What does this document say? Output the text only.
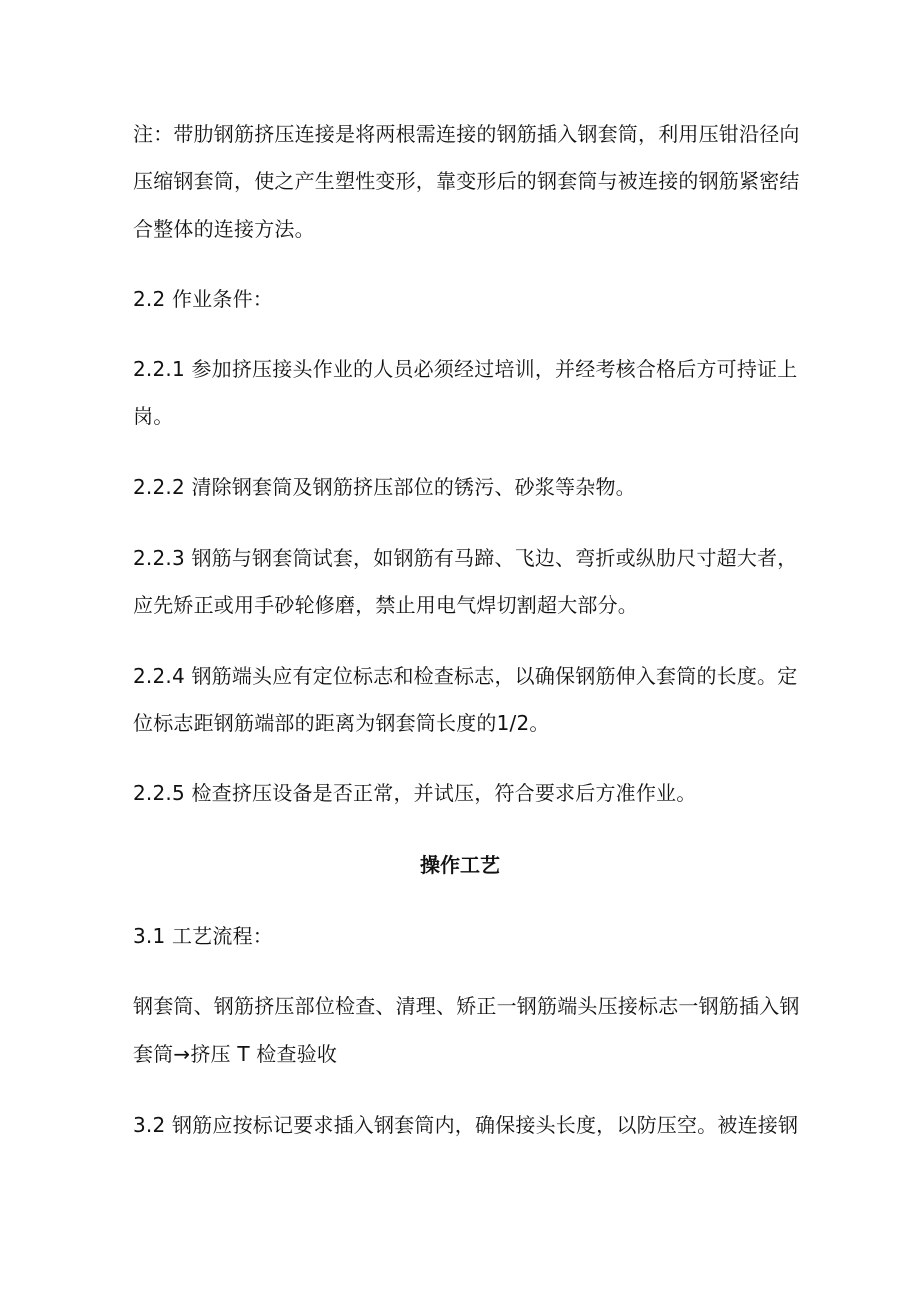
注：带肋钢筋挤压连接是将两根需连接的钢筋插入钢套筒，利用压钳沿径向
压缩钢套筒，使之产生塑性变形，靠变形后的钢套筒与被连接的钢筋紧密结
合整体的连接方法。
2.2 作业条件：
2.2.1 参加挤压接头作业的人员必须经过培训，并经考核合格后方可持证上
岗。
2.2.2 清除钢套筒及钢筋挤压部位的锈污、砂浆等杂物。
2.2.3 钢筋与钢套筒试套，如钢筋有马蹄、飞边、弯折或纵肋尺寸超大者，
应先矫正或用手砂轮修磨，禁止用电气焊切割超大部分。
2.2.4 钢筋端头应有定位标志和检查标志，以确保钢筋伸入套筒的长度。定
位标志距钢筋端部的距离为钢套筒长度的1/2。
2.2.5 检查挤压设备是否正常，并试压，符合要求后方准作业。
操作工艺
3.1 工艺流程：
钢套筒、钢筋挤压部位检查、清理、矫正一钢筋端头压接标志一钢筋插入钢
套筒→挤压 T 检查验收
3.2 钢筋应按标记要求插入钢套筒内，确保接头长度，以防压空。被连接钢
